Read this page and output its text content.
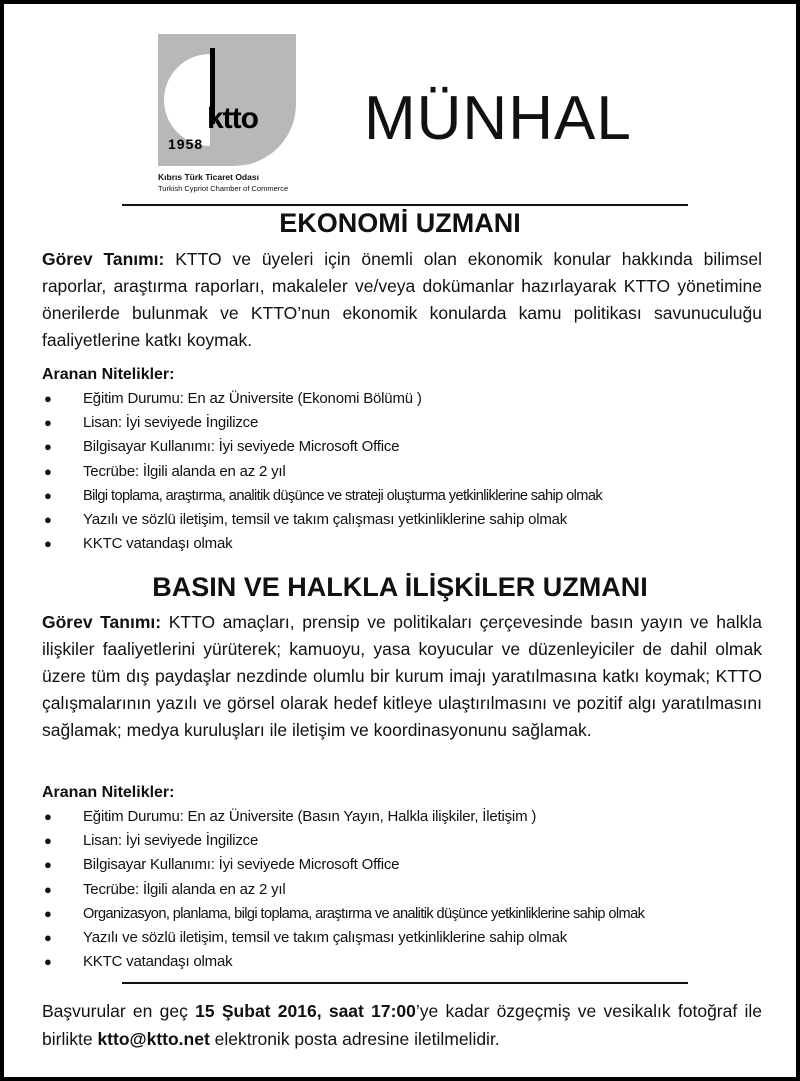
ktto
1958
Kıbrıs Türk Ticaret Odası
Turkish Cypriot Chamber of Commerce
MÜNHAL
EKONOMİ UZMANI
Görev Tanımı: KTTO ve üyeleri için önemli olan ekonomik konular hakkında bilimsel raporlar, araştırma raporları, makaleler ve/veya dokümanlar hazırlayarak KTTO yönetimine önerilerde bulunmak ve KTTO’nun ekonomik konularda kamu politikası savunuculuğu faaliyetlerine katkı koymak.
Aranan Nitelikler:
● Eğitim Durumu: En az Üniversite (Ekonomi Bölümü )
● Lisan: İyi seviyede İngilizce
● Bilgisayar Kullanımı: İyi seviyede Microsoft Office
● Tecrübe: İlgili alanda en az 2 yıl
● Bilgi toplama, araştırma, analitik düşünce ve strateji oluşturma yetkinliklerine sahip olmak
● Yazılı ve sözlü iletişim, temsil ve takım çalışması yetkinliklerine sahip olmak
● KKTC vatandaşı olmak
BASIN VE HALKLA İLİŞKİLER UZMANI
Görev Tanımı: KTTO amaçları, prensip ve politikaları çerçevesinde basın yayın ve halkla ilişkiler faaliyetlerini yürüterek; kamuoyu, yasa koyucular ve düzenleyiciler de dahil olmak üzere tüm dış paydaşlar nezdinde olumlu bir kurum imajı yaratılmasına katkı koymak; KTTO çalışmalarının yazılı ve görsel olarak hedef kitleye ulaştırılmasını ve pozitif algı yaratılmasını sağlamak; medya kuruluşları ile iletişim ve koordinasyonunu sağlamak.
Aranan Nitelikler:
● Eğitim Durumu: En az Üniversite (Basın Yayın, Halkla ilişkiler, İletişim )
● Lisan: İyi seviyede İngilizce
● Bilgisayar Kullanımı: İyi seviyede Microsoft Office
● Tecrübe: İlgili alanda en az 2 yıl
● Organizasyon, planlama, bilgi toplama, araştırma ve analitik düşünce yetkinliklerine sahip olmak
● Yazılı ve sözlü iletişim, temsil ve takım çalışması yetkinliklerine sahip olmak
● KKTC vatandaşı olmak
Başvurular en geç 15 Şubat 2016, saat 17:00’ye kadar özgeçmiş ve vesikalık fotoğraf ile birlikte ktto@ktto.net elektronik posta adresine iletilmelidir.
